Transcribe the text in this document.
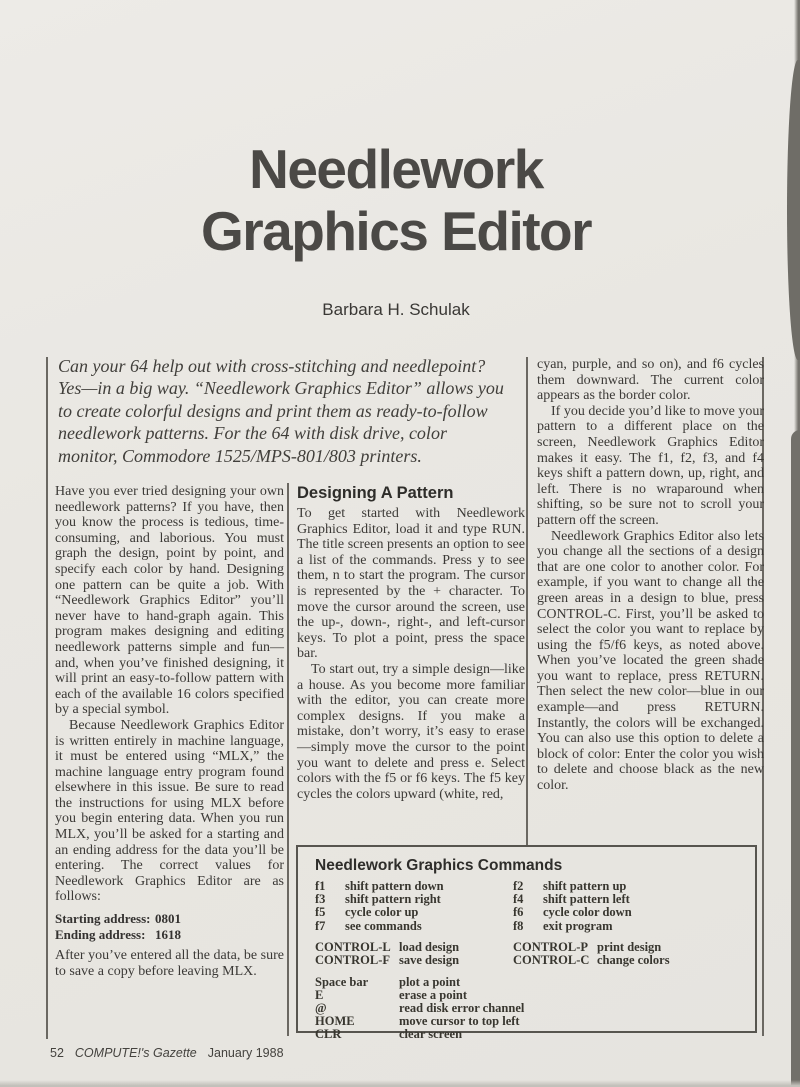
Needlework
Graphics Editor
Barbara H. Schulak
Can your 64 help out with cross-stitching and needlepoint? Yes—in a big way. “Needlework Graphics Editor” allows you to create colorful designs and print them as ready-to-follow needlework patterns. For the 64 with disk drive, color monitor, Commodore 1525/MPS-801/803 printers.

Have you ever tried designing your own needlework patterns? If you have, then you know the process is tedious, time-consuming, and laborious. You must graph the design, point by point, and specify each color by hand. Designing one pattern can be quite a job. With “Needlework Graphics Editor” you’ll never have to hand-graph again. This program makes designing and editing needlework patterns simple and fun—and, when you’ve finished designing, it will print an easy-to-follow pattern with each of the available 16 colors specified by a special symbol.

Because Needlework Graphics Editor is written entirely in machine language, it must be entered using “MLX,” the machine language entry program found elsewhere in this issue. Be sure to read the instructions for using MLX before you begin entering data. When you run MLX, you’ll be asked for a starting and an ending address for the data you’ll be entering. The correct values for Needlework Graphics Editor are as follows:

Starting address: 0801
Ending address: 1618

After you’ve entered all the data, be sure to save a copy before leaving MLX.

Designing A Pattern

To get started with Needlework Graphics Editor, load it and type RUN. The title screen presents an option to see a list of the commands. Press y to see them, n to start the program. The cursor is represented by the + character. To move the cursor around the screen, use the up-, down-, right-, and left-cursor keys. To plot a point, press the space bar.

To start out, try a simple design—like a house. As you become more familiar with the editor, you can create more complex designs. If you make a mistake, don’t worry, it’s easy to erase—simply move the cursor to the point you want to delete and press e. Select colors with the f5 or f6 keys. The f5 key cycles the colors upward (white, red,

cyan, purple, and so on), and f6 cycles them downward. The current color appears as the border color.

If you decide you’d like to move your pattern to a different place on the screen, Needlework Graphics Editor makes it easy. The f1, f2, f3, and f4 keys shift a pattern down, up, right, and left. There is no wraparound when shifting, so be sure not to scroll your pattern off the screen.

Needlework Graphics Editor also lets you change all the sections of a design that are one color to another color. For example, if you want to change all the green areas in a design to blue, press CONTROL-C. First, you’ll be asked to select the color you want to replace by using the f5/f6 keys, as noted above. When you’ve located the green shade you want to replace, press RETURN. Then select the new color—blue in our example—and press RETURN. Instantly, the colors will be exchanged. You can also use this option to delete a block of color: Enter the color you wish to delete and choose black as the new color.

Needlework Graphics Commands
f1	shift pattern down	f2	shift pattern up
f3	shift pattern right	f4	shift pattern left
f5	cycle color up	f6	cycle color down
f7	see commands	f8	exit program
CONTROL-L load design	CONTROL-P print design
CONTROL-F save design	CONTROL-C change colors
Space bar	plot a point
E	erase a point
@	read disk error channel
HOME	move cursor to top left
CLR	clear screen
52 COMPUTE!'s Gazette January 1988
